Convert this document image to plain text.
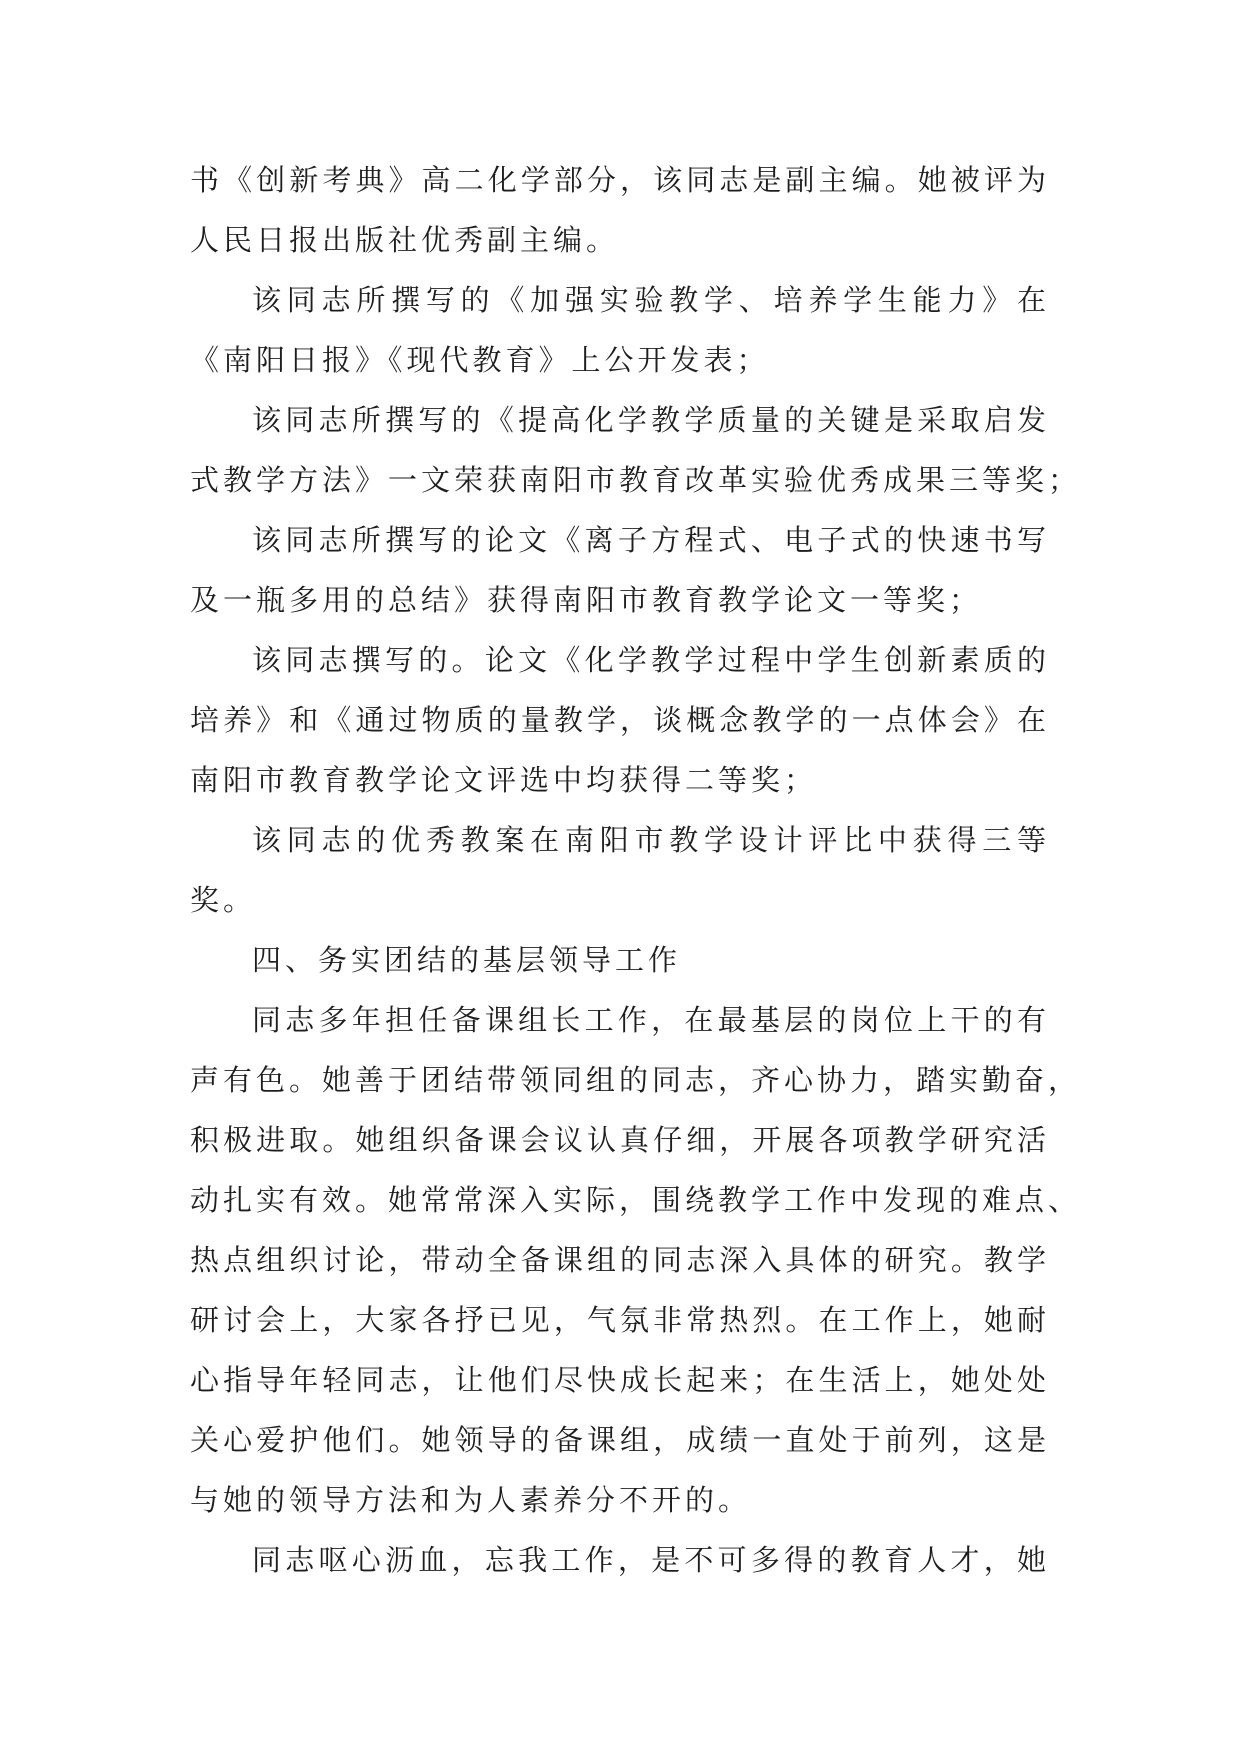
书《创新考典》高二化学部分，该同志是副主编。她被评为
人民日报出版社优秀副主编。
该同志所撰写的《加强实验教学、培养学生能力》在
《南阳日报》《现代教育》上公开发表；
该同志所撰写的《提高化学教学质量的关键是采取启发
式教学方法》一文荣获南阳市教育改革实验优秀成果三等奖；
该同志所撰写的论文《离子方程式、电子式的快速书写
及一瓶多用的总结》获得南阳市教育教学论文一等奖；
该同志撰写的。论文《化学教学过程中学生创新素质的
培养》和《通过物质的量教学，谈概念教学的一点体会》在
南阳市教育教学论文评选中均获得二等奖；
该同志的优秀教案在南阳市教学设计评比中获得三等
奖。
四、务实团结的基层领导工作
同志多年担任备课组长工作，在最基层的岗位上干的有
声有色。她善于团结带领同组的同志，齐心协力，踏实勤奋，
积极进取。她组织备课会议认真仔细，开展各项教学研究活
动扎实有效。她常常深入实际，围绕教学工作中发现的难点、
热点组织讨论，带动全备课组的同志深入具体的研究。教学
研讨会上，大家各抒已见，气氛非常热烈。在工作上，她耐
心指导年轻同志，让他们尽快成长起来；在生活上，她处处
关心爱护他们。她领导的备课组，成绩一直处于前列，这是
与她的领导方法和为人素养分不开的。
同志呕心沥血，忘我工作，是不可多得的教育人才，她
